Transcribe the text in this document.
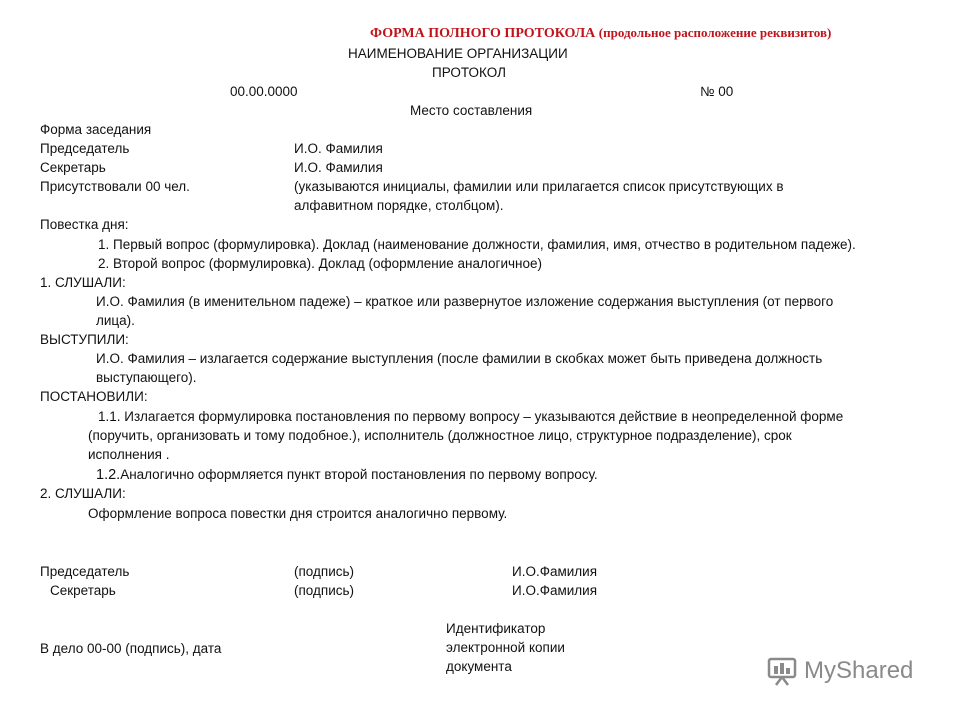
ФОРМА ПОЛНОГО ПРОТОКОЛА (продольное расположение реквизитов)
НАИМЕНОВАНИЕ ОРГАНИЗАЦИИ
ПРОТОКОЛ
00.00.0000	№ 00
Место составления
Форма заседания
Председатель	И.О. Фамилия
Секретарь	И.О. Фамилия
Присутствовали 00 чел.	(указываются инициалы, фамилии или прилагается список присутствующих в
алфавитном порядке, столбцом).
Повестка дня:
1. Первый вопрос (формулировка). Доклад (наименование должности, фамилия, имя, отчество в родительном падеже).
2. Второй вопрос (формулировка). Доклад (оформление аналогичное)
1. СЛУШАЛИ:
И.О. Фамилия (в именительном падеже) – краткое или развернутое изложение содержания выступления (от первого
лица).
ВЫСТУПИЛИ:
И.О. Фамилия – излагается содержание выступления (после фамилии в скобках может быть приведена должность
выступающего).
ПОСТАНОВИЛИ:
1.1. Излагается формулировка постановления по первому вопросу – указываются действие в неопределенной форме
(поручить, организовать и тому подобное.), исполнитель (должностное лицо, структурное подразделение), срок
исполнения .
1.2.Аналогично оформляется пункт второй постановления по первому вопросу.
2. СЛУШАЛИ:
Оформление вопроса повестки дня строится аналогично первому.
Председатель	(подпись)	И.О.Фамилия
Секретарь	(подпись)	И.О.Фамилия
В дело 00-00 (подпись), дата
Идентификатор
электронной копии
документа	MyShared
